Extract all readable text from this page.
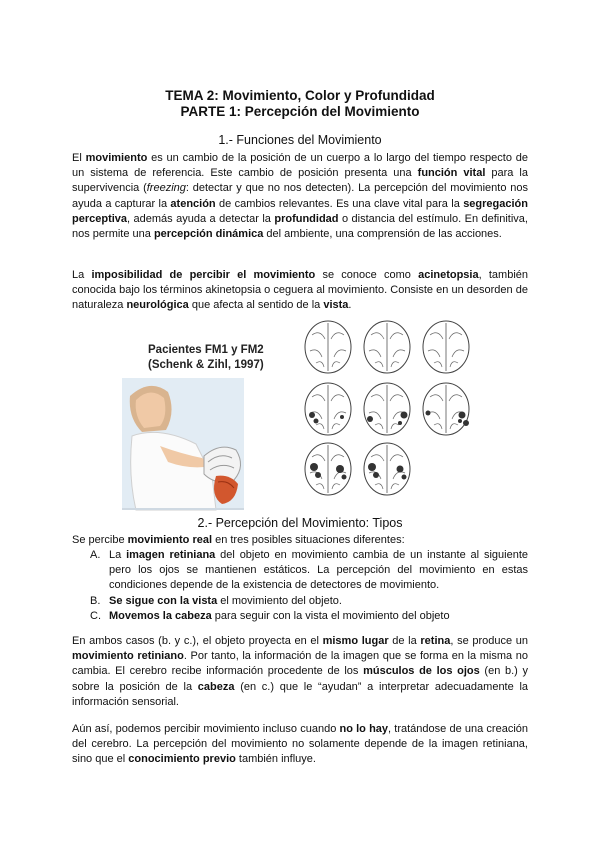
TEMA 2: Movimiento, Color y Profundidad
PARTE 1: Percepción del Movimiento
1.- Funciones del Movimiento

El movimiento es un cambio de la posición de un cuerpo a lo largo del tiempo respecto de un sistema de referencia. Este cambio de posición presenta una función vital para la supervivencia (freezing: detectar y que no nos detecten). La percepción del movimiento nos ayuda a capturar la atención de cambios relevantes. Es una clave vital para la segregación perceptiva, además ayuda a detectar la profundidad o distancia del estímulo. En definitiva, nos permite una percepción dinámica del ambiente, una comprensión de las acciones.

La imposibilidad de percibir el movimiento se conoce como acinetopsia, también conocida bajo los términos akinetopsia o ceguera al movimiento. Consiste en un desorden de naturaleza neurológica que afecta al sentido de la vista.

Pacientes FM1 y FM2
(Schenk & Zihl, 1997)
2.- Percepción del Movimiento: Tipos

Se percibe movimiento real en tres posibles situaciones diferentes:

A. La imagen retiniana del objeto en movimiento cambia de un instante al siguiente pero los ojos se mantienen estáticos. La percepción del movimiento en estas condiciones depende de la existencia de detectores de movimiento.
B. Se sigue con la vista el movimiento del objeto.
C. Movemos la cabeza para seguir con la vista el movimiento del objeto

En ambos casos (b. y c.), el objeto proyecta en el mismo lugar de la retina, se produce un movimiento retiniano. Por tanto, la información de la imagen que se forma en la misma no cambia. El cerebro recibe información procedente de los músculos de los ojos (en b.) y sobre la posición de la cabeza (en c.) que le “ayudan” a interpretar adecuadamente la información sensorial.

Aún así, podemos percibir movimiento incluso cuando no lo hay, tratándose de una creación del cerebro. La percepción del movimiento no solamente depende de la imagen retiniana, sino que el conocimiento previo también influye.
